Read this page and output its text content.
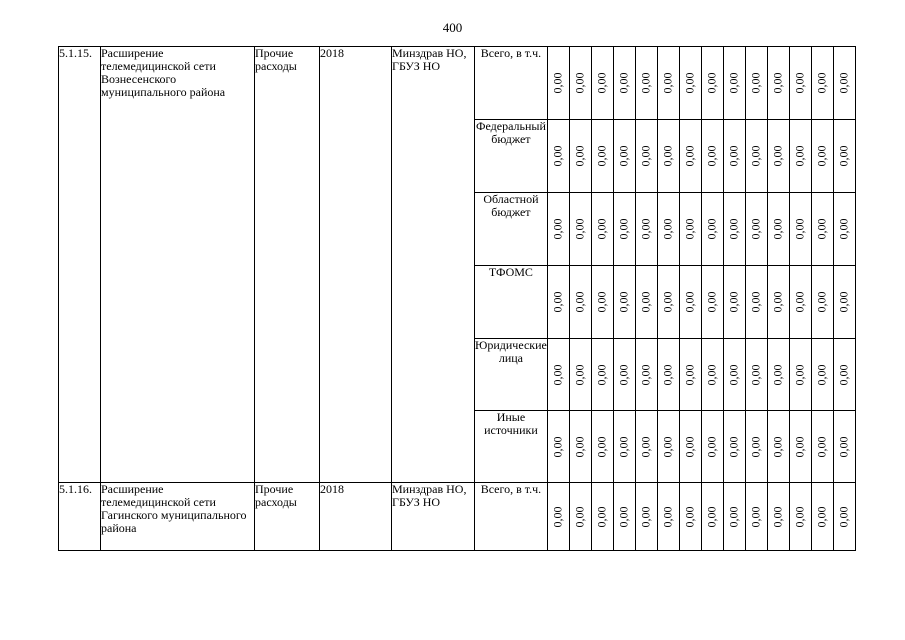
400
5.1.15.	Расширение телемедицинской сети Вознесенского муниципального района	Прочие расходы	2018	Минздрав НО, ГБУЗ НО	Всего, в т.ч.	0,00	0,00	0,00	0,00	0,00	0,00	0,00	0,00	0,00	0,00	0,00	0,00	0,00	0,00

					Федеральный бюджет	0,00	0,00	0,00	0,00	0,00	0,00	0,00	0,00	0,00	0,00	0,00	0,00	0,00	0,00

					Областной бюджет	0,00	0,00	0,00	0,00	0,00	0,00	0,00	0,00	0,00	0,00	0,00	0,00	0,00	0,00

					ТФОМС	0,00	0,00	0,00	0,00	0,00	0,00	0,00	0,00	0,00	0,00	0,00	0,00	0,00	0,00

					Юридические лица	0,00	0,00	0,00	0,00	0,00	0,00	0,00	0,00	0,00	0,00	0,00	0,00	0,00	0,00

					Иные источники	0,00	0,00	0,00	0,00	0,00	0,00	0,00	0,00	0,00	0,00	0,00	0,00	0,00	0,00

5.1.16.	Расширение телемедицинской сети Гагинского муниципального района	Прочие расходы	2018	Минздрав НО, ГБУЗ НО	Всего, в т.ч.	0,00	0,00	0,00	0,00	0,00	0,00	0,00	0,00	0,00	0,00	0,00	0,00	0,00	0,00
